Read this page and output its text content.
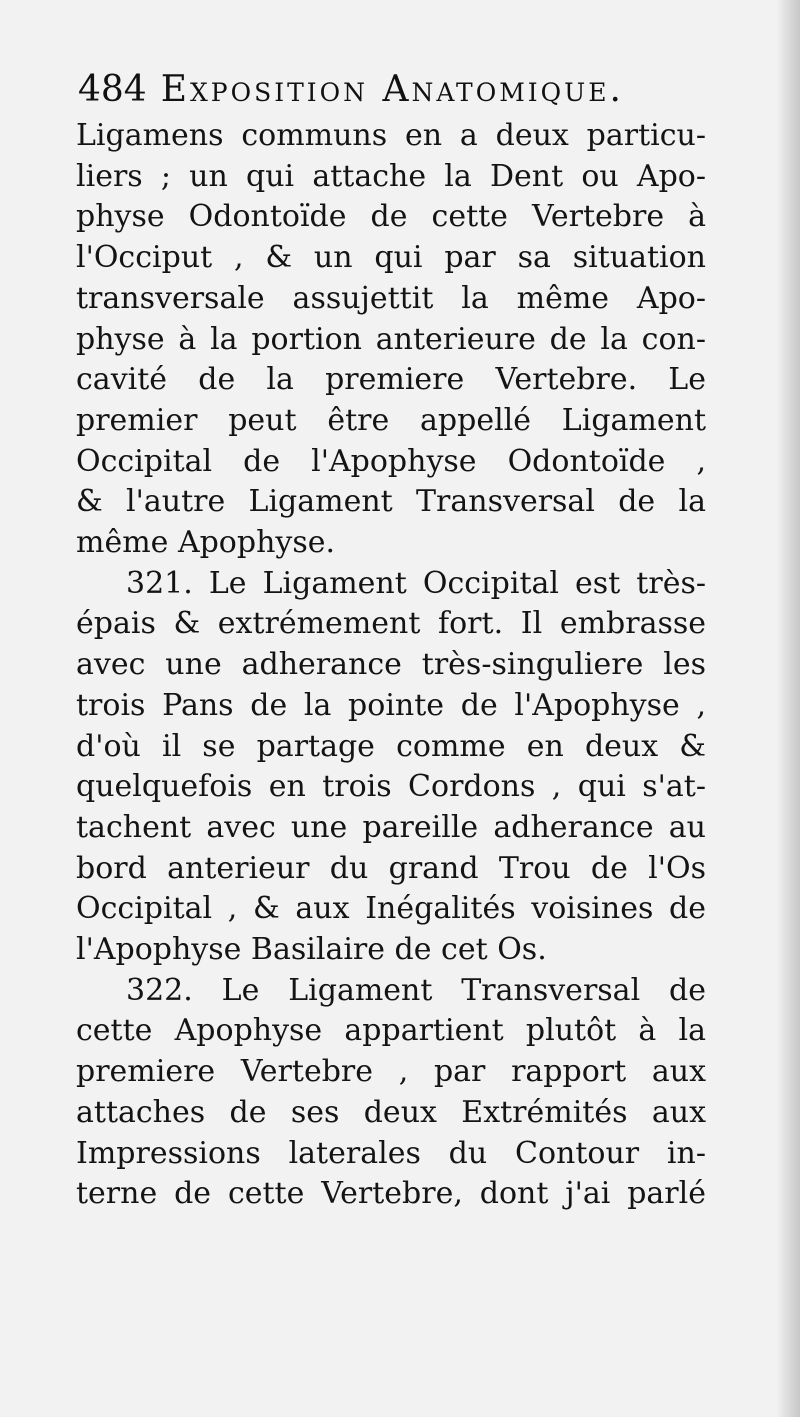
484 Exposition Anatomique.
Ligamens communs en a deux particu-
liers ; un qui attache la Dent ou Apo-
physe Odontoïde de cette Vertebre à
l'Occiput , & un qui par sa situation
transversale assujettit la même Apo-
physe à la portion anterieure de la con-
cavité de la premiere Vertebre. Le
premier peut être appellé Ligament
Occipital de l'Apophyse Odontoïde ,
& l'autre Ligament Transversal de la
même Apophyse.
321. Le Ligament Occipital est très-
épais & extrémement fort. Il embrasse
avec une adherance très-singuliere les
trois Pans de la pointe de l'Apophyse ,
d'où il se partage comme en deux &
quelquefois en trois Cordons , qui s'at-
tachent avec une pareille adherance au
bord anterieur du grand Trou de l'Os
Occipital , & aux Inégalités voisines de
l'Apophyse Basilaire de cet Os.
322. Le Ligament Transversal de
cette Apophyse appartient plutôt à la
premiere Vertebre , par rapport aux
attaches de ses deux Extrémités aux
Impressions laterales du Contour in-
terne de cette Vertebre, dont j'ai parlé
